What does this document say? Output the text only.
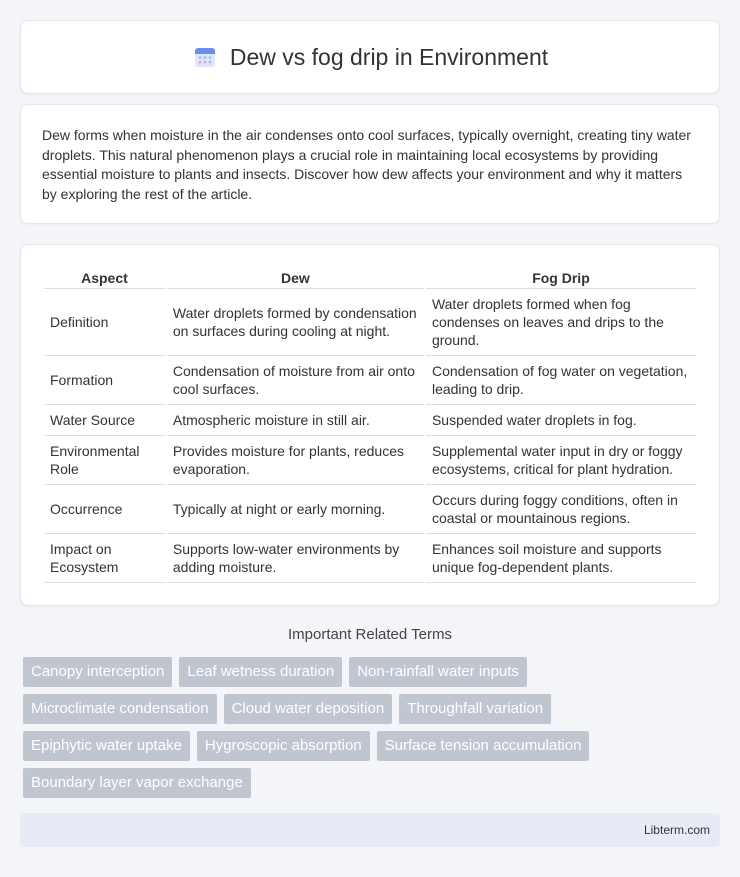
Dew vs fog drip in Environment

Dew forms when moisture in the air condenses onto cool surfaces, typically overnight, creating tiny water droplets. This natural phenomenon plays a crucial role in maintaining local ecosystems by providing essential moisture to plants and insects. Discover how dew affects your environment and why it matters by exploring the rest of the article.

Aspect	Dew	Fog Drip
Definition	Water droplets formed by condensation on surfaces during cooling at night.	Water droplets formed when fog condenses on leaves and drips to the ground.
Formation	Condensation of moisture from air onto cool surfaces.	Condensation of fog water on vegetation, leading to drip.
Water Source	Atmospheric moisture in still air.	Suspended water droplets in fog.
Environmental Role	Provides moisture for plants, reduces evaporation.	Supplemental water input in dry or foggy ecosystems, critical for plant hydration.
Occurrence	Typically at night or early morning.	Occurs during foggy conditions, often in coastal or mountainous regions.
Impact on Ecosystem	Supports low-water environments by adding moisture.	Enhances soil moisture and supports unique fog-dependent plants.
Important Related Terms
Canopy interception	Leaf wetness duration	Non-rainfall water inputs
Microclimate condensation	Cloud water deposition	Throughfall variation
Epiphytic water uptake	Hygroscopic absorption	Surface tension accumulation
Boundary layer vapor exchange
Libterm.com
